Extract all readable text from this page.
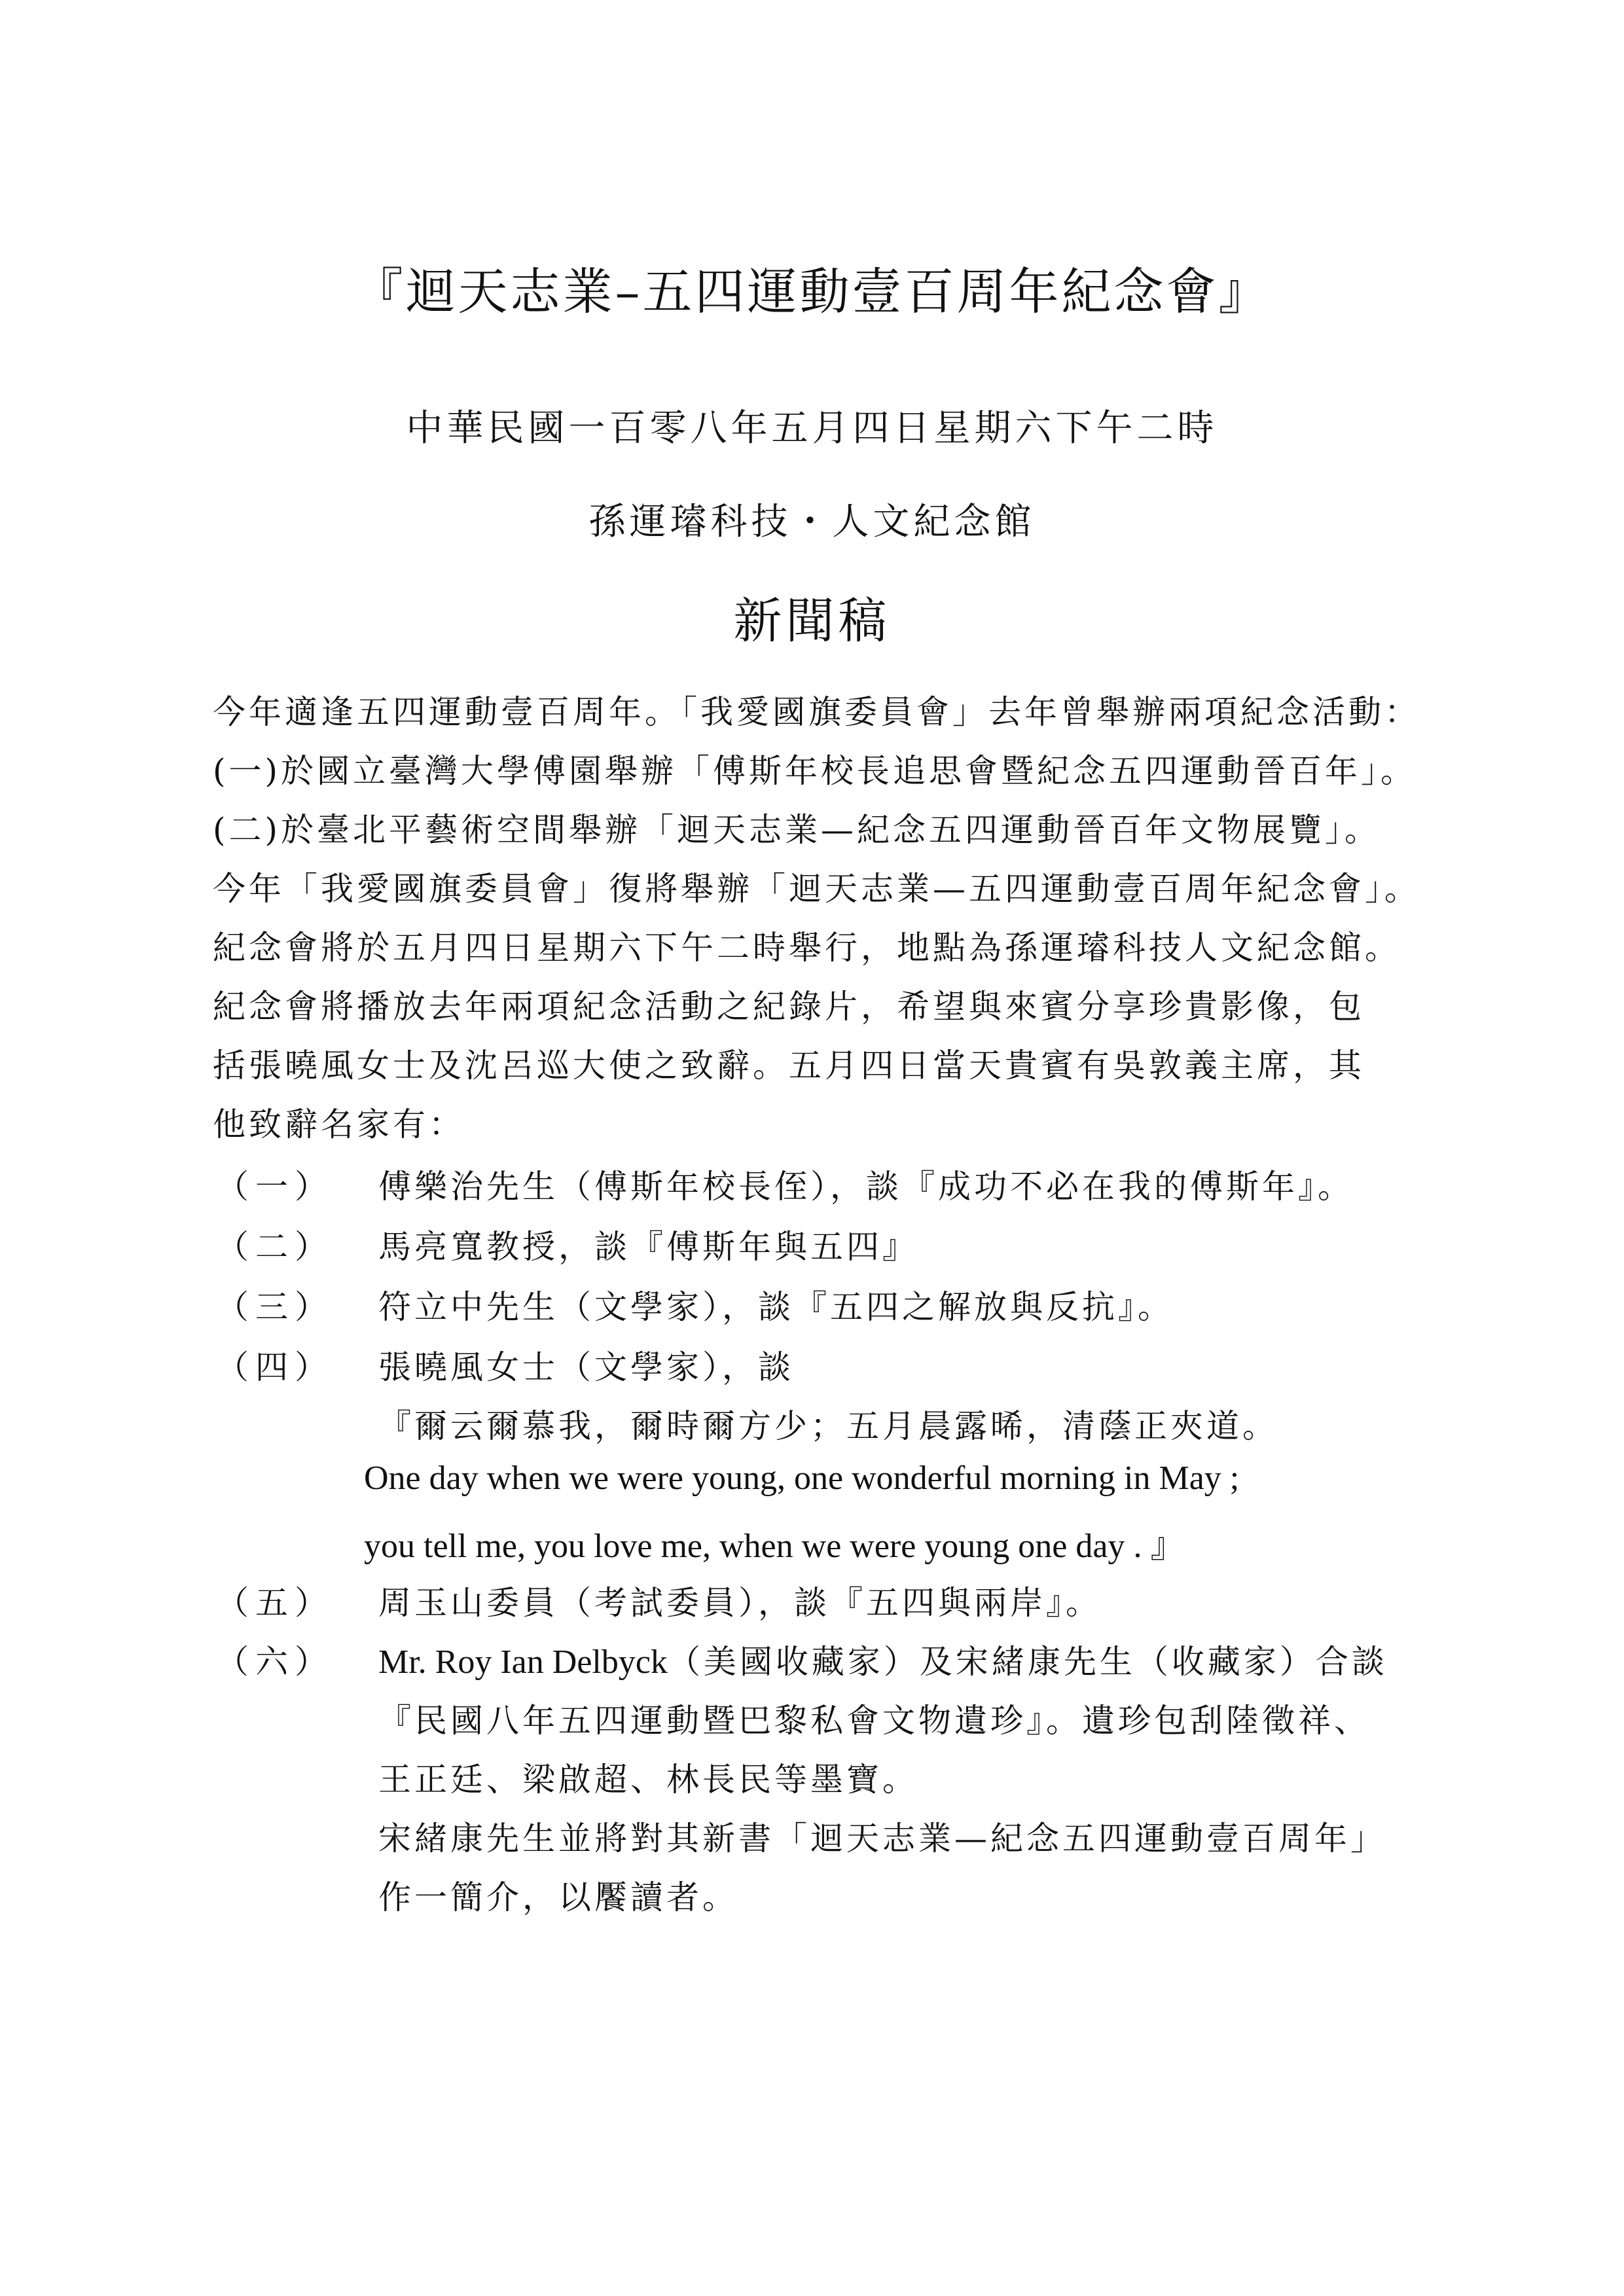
『迴天志業–五四運動壹百周年紀念會』
中華民國一百零八年五月四日星期六下午二時
孫運璿科技・人文紀念館
新聞稿
今年適逢五四運動壹百周年。「我愛國旗委員會」去年曾舉辦兩項紀念活動：
(一)於國立臺灣大學傅園舉辦「傅斯年校長追思會暨紀念五四運動晉百年」。
(二)於臺北平藝術空間舉辦「迴天志業—紀念五四運動晉百年文物展覽」。
今年「我愛國旗委員會」復將舉辦「迴天志業—五四運動壹百周年紀念會」。
紀念會將於五月四日星期六下午二時舉行，地點為孫運璿科技人文紀念館。
紀念會將播放去年兩項紀念活動之紀錄片，希望與來賓分享珍貴影像，包
括張曉風女士及沈呂巡大使之致辭。五月四日當天貴賓有吳敦義主席，其
他致辭名家有：
（一） 傅樂治先生（傅斯年校長侄），談『成功不必在我的傅斯年』。
（二） 馬亮寬教授，談『傅斯年與五四』
（三） 符立中先生（文學家），談『五四之解放與反抗』。
（四） 張曉風女士（文學家），談
『爾云爾慕我，爾時爾方少；五月晨露晞，清蔭正夾道。
One day when we were young, one wonderful morning in May ;
you tell me, you love me, when we were young one day . 』
（五） 周玉山委員（考試委員），談『五四與兩岸』。
（六） Mr. Roy Ian Delbyck（美國收藏家）及宋緒康先生（收藏家）合談
『民國八年五四運動暨巴黎私會文物遺珍』。遺珍包刮陸徵祥、
王正廷、梁啟超、林長民等墨寶。
宋緒康先生並將對其新書「迴天志業—紀念五四運動壹百周年」
作一簡介，以饜讀者。
